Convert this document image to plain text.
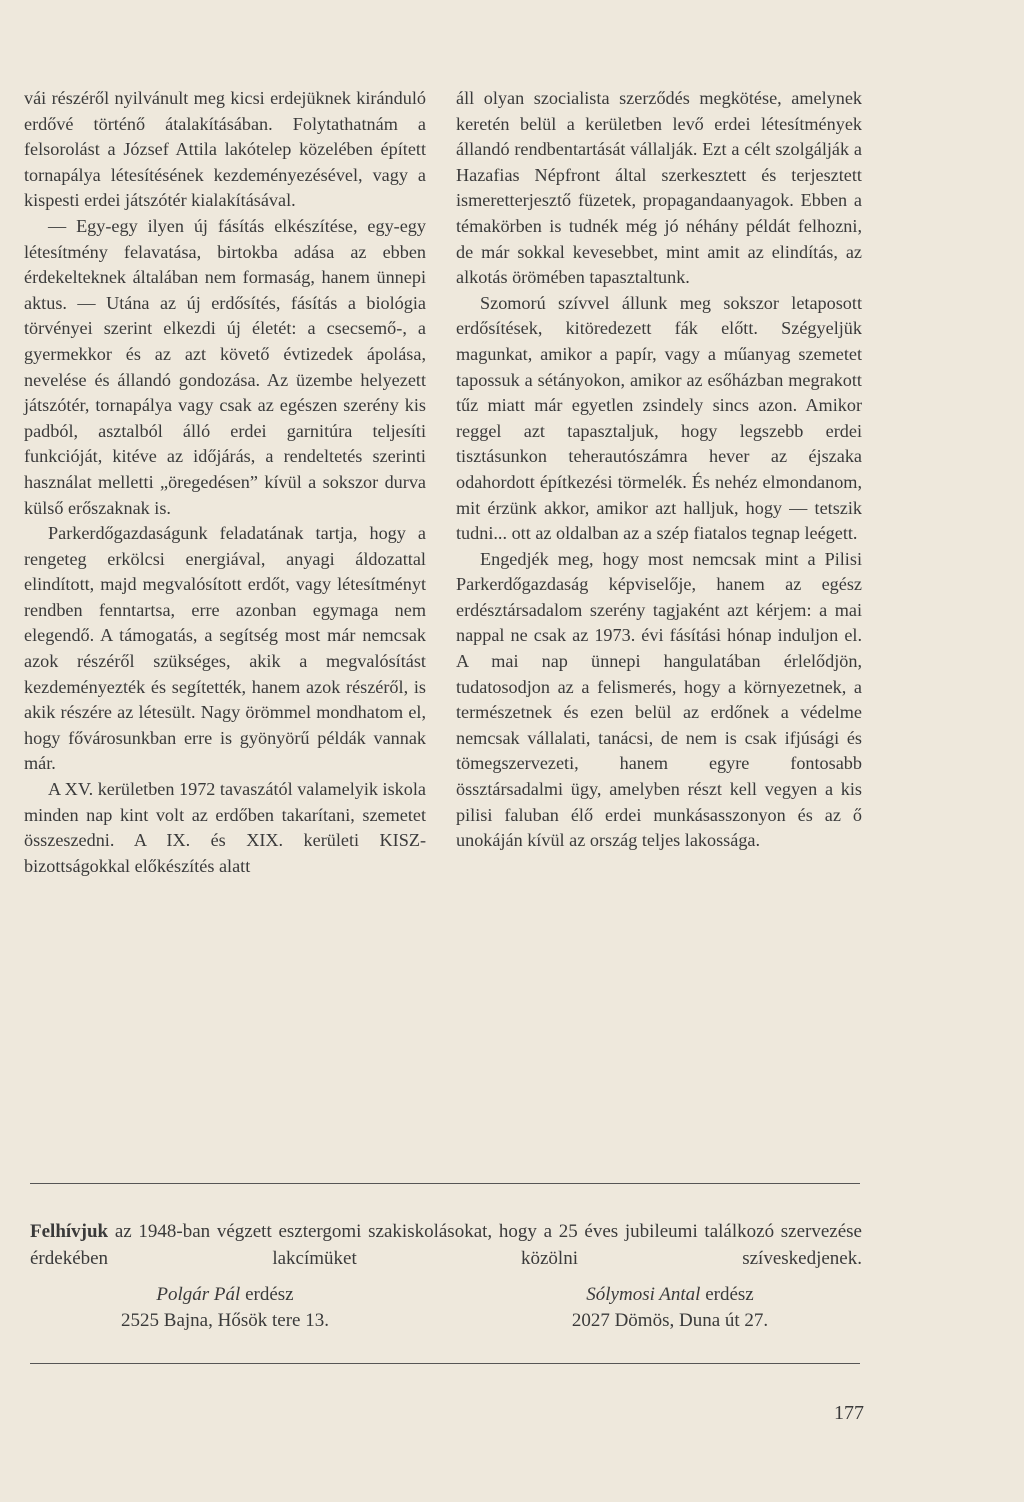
vái részéről nyilvánult meg kicsi erdejüknek kiránduló erdővé történő átalakításában. Folytathatnám a felsorolást a József Attila lakótelep közelében épített tornapálya létesítésének kezdeményezésével, vagy a kispesti erdei játszótér kialakításával.

— Egy-egy ilyen új fásítás elkészítése, egy-egy létesítmény felavatása, birtokba adása az ebben érdekelteknek általában nem formaság, hanem ünnepi aktus. — Utána az új erdősítés, fásítás a biológia törvényei szerint elkezdi új életét: a csecsemő-, a gyermekkor és az azt követő évtizedek ápolása, nevelése és állandó gondozása. Az üzembe helyezett játszótér, tornapálya vagy csak az egészen szerény kis padból, asztalból álló erdei garnitúra teljesíti funkcióját, kitéve az időjárás, a rendeltetés szerinti használat melletti „öregedésen” kívül a sokszor durva külső erőszaknak is.

Parkerdőgazdaságunk feladatának tartja, hogy a rengeteg erkölcsi energiával, anyagi áldozattal elindított, majd megvalósított erdőt, vagy létesítményt rendben fenntartsa, erre azonban egymaga nem elegendő. A támogatás, a segítség most már nemcsak azok részéről szükséges, akik a megvalósítást kezdeményezték és segítették, hanem azok részéről, is akik részére az létesült. Nagy örömmel mondhatom el, hogy fővárosunkban erre is gyönyörű példák vannak már.

A XV. kerületben 1972 tavaszától valamelyik iskola minden nap kint volt az erdőben takarítani, szemetet összeszedni. A IX. és XIX. kerületi KISZ-bizottságokkal előkészítés alatt

áll olyan szocialista szerződés megkötése, amelynek keretén belül a kerületben levő erdei létesítmények állandó rendbentartását vállalják. Ezt a célt szolgálják a Hazafias Népfront által szerkesztett és terjesztett ismeretterjesztő füzetek, propagandaanyagok. Ebben a témakörben is tudnék még jó néhány példát felhozni, de már sokkal kevesebbet, mint amit az elindítás, az alkotás örömében tapasztaltunk.

Szomorú szívvel állunk meg sokszor letaposott erdősítések, kitöredezett fák előtt. Szégyeljük magunkat, amikor a papír, vagy a műanyag szemetet tapossuk a sétányokon, amikor az esőházban megrakott tűz miatt már egyetlen zsindely sincs azon. Amikor reggel azt tapasztaljuk, hogy legszebb erdei tisztásunkon teherautószámra hever az éjszaka odahordott építkezési törmelék. És nehéz elmondanom, mit érzünk akkor, amikor azt halljuk, hogy — tetszik tudni... ott az oldalban az a szép fiatalos tegnap leégett.

Engedjék meg, hogy most nemcsak mint a Pilisi Parkerdőgazdaság képviselője, hanem az egész erdésztársadalom szerény tagjaként azt kérjem: a mai nappal ne csak az 1973. évi fásítási hónap induljon el. A mai nap ünnepi hangulatában érlelődjön, tudatosodjon az a felismerés, hogy a környezetnek, a természetnek és ezen belül az erdőnek a védelme nemcsak vállalati, tanácsi, de nem is csak ifjúsági és tömegszervezeti, hanem egyre fontosabb össztársadalmi ügy, amelyben részt kell vegyen a kis pilisi faluban élő erdei munkásasszonyon és az ő unokáján kívül az ország teljes lakossága.

Felhívjuk az 1948-ban végzett esztergomi szakiskolásokat, hogy a 25 éves jubileumi találkozó szervezése érdekében lakcímüket közölni szíveskedjenek.
Polgár Pál erdész
2525 Bajna, Hősök tere 13.
Sólymosi Antal erdész
2027 Dömös, Duna út 27.
177
